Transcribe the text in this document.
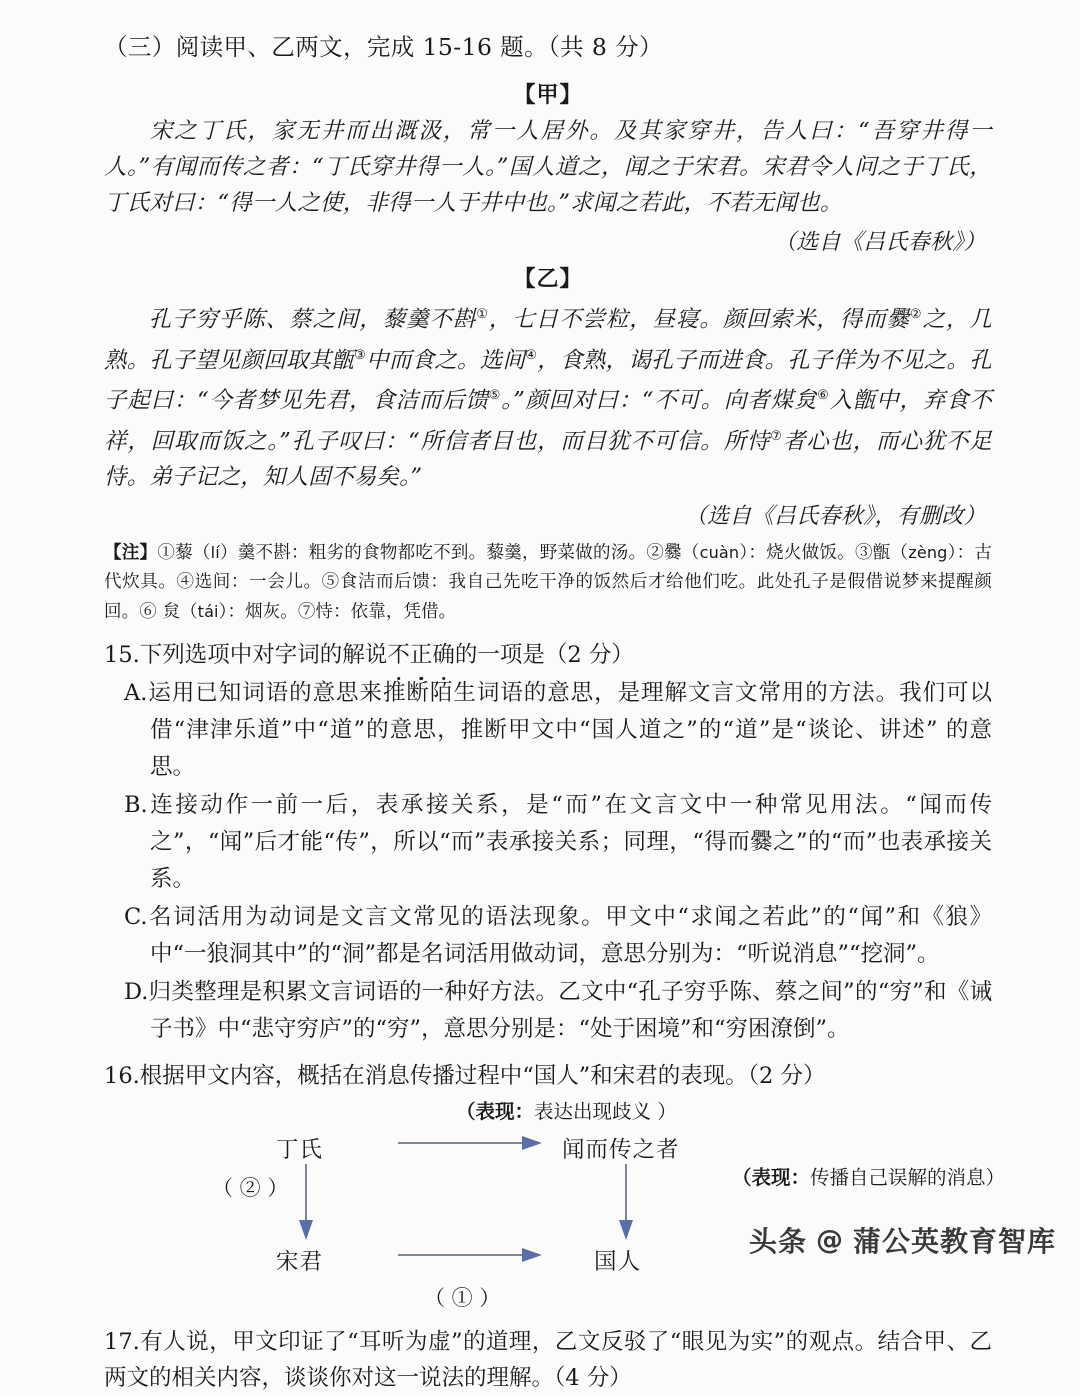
（三）阅读甲、乙两文，完成 15-16 题。（共 8 分）
【甲】

宋之丁氏，家无井而出溉汲，常一人居外。及其家穿井，告人曰：“吾穿井得一人。”有闻而传之者：“丁氏穿井得一人。”国人道之，闻之于宋君。宋君令人问之于丁氏，丁氏对曰：“得一人之使，非得一人于井中也。”求闻之若此，不若无闻也。

（选自《吕氏春秋》）
【乙】

孔子穷乎陈、蔡之间，藜羹不斟①，七日不尝粒，昼寝。颜回索米，得而爨②之，几熟。孔子望见颜回取其甑③中而食之。选间④，食熟，谒孔子而进食。孔子佯为不见之。孔子起曰：“今者梦见先君，食洁而后馈⑤。”颜回对曰：“不可。向者煤炱⑥入甑中，弃食不祥，回取而饭之。”孔子叹曰：“所信者目也，而目犹不可信。所恃⑦者心也，而心犹不足恃。弟子记之，知人固不易矣。”

（选自《吕氏春秋》，有删改）
【注】①藜（lí）羹不斟：粗劣的食物都吃不到。藜羹，野菜做的汤。②爨（cuàn）：烧火做饭。③甑（zèng）：古代炊具。④选间：一会儿。⑤食洁而后馈：我自己先吃干净的饭然后才给他们吃。此处孔子是假借说梦来提醒颜回。⑥ 炱（tái）：烟灰。⑦恃：依靠，凭借。
15.下列选项中对字词的解说不正确的一项是（2 分）
A.运用已知词语的意思来推断陌生词语的意思，是理解文言文常用的方法。我们可以借“津津乐道”中“道”的意思，推断甲文中“国人道之”的“道”是“谈论、讲述” 的意思。
B.连接动作一前一后，表承接关系，是“而”在文言文中一种常见用法。“闻而传之”，“闻”后才能“传”，所以“而”表承接关系；同理，“得而爨之”的“而”也表承接关系。
C.名词活用为动词是文言文常见的语法现象。甲文中“求闻之若此”的“闻”和《狼》中“一狼洞其中”的“洞”都是名词活用做动词，意思分别为：“听说消息”“挖洞”。
D.归类整理是积累文言词语的一种好方法。乙文中“孔子穷乎陈、蔡之间”的“穷”和《诫子书》中“悲守穷庐”的“穷”，意思分别是：“处于困境”和“穷困潦倒”。
16.根据甲文内容，概括在消息传播过程中“国人”和宋君的表现。（2 分）
（表现：表达出现歧义 ）
丁氏	闻而传之者
宋君	国人
（ ② ）
（ ① ）
（表现：传播自己误解的消息）
17.有人说，甲文印证了“耳听为虚”的道理，乙文反驳了“眼见为实”的观点。结合甲、乙两文的相关内容，谈谈你对这一说法的理解。（4 分）
头条 @ 蒲公英教育智库
